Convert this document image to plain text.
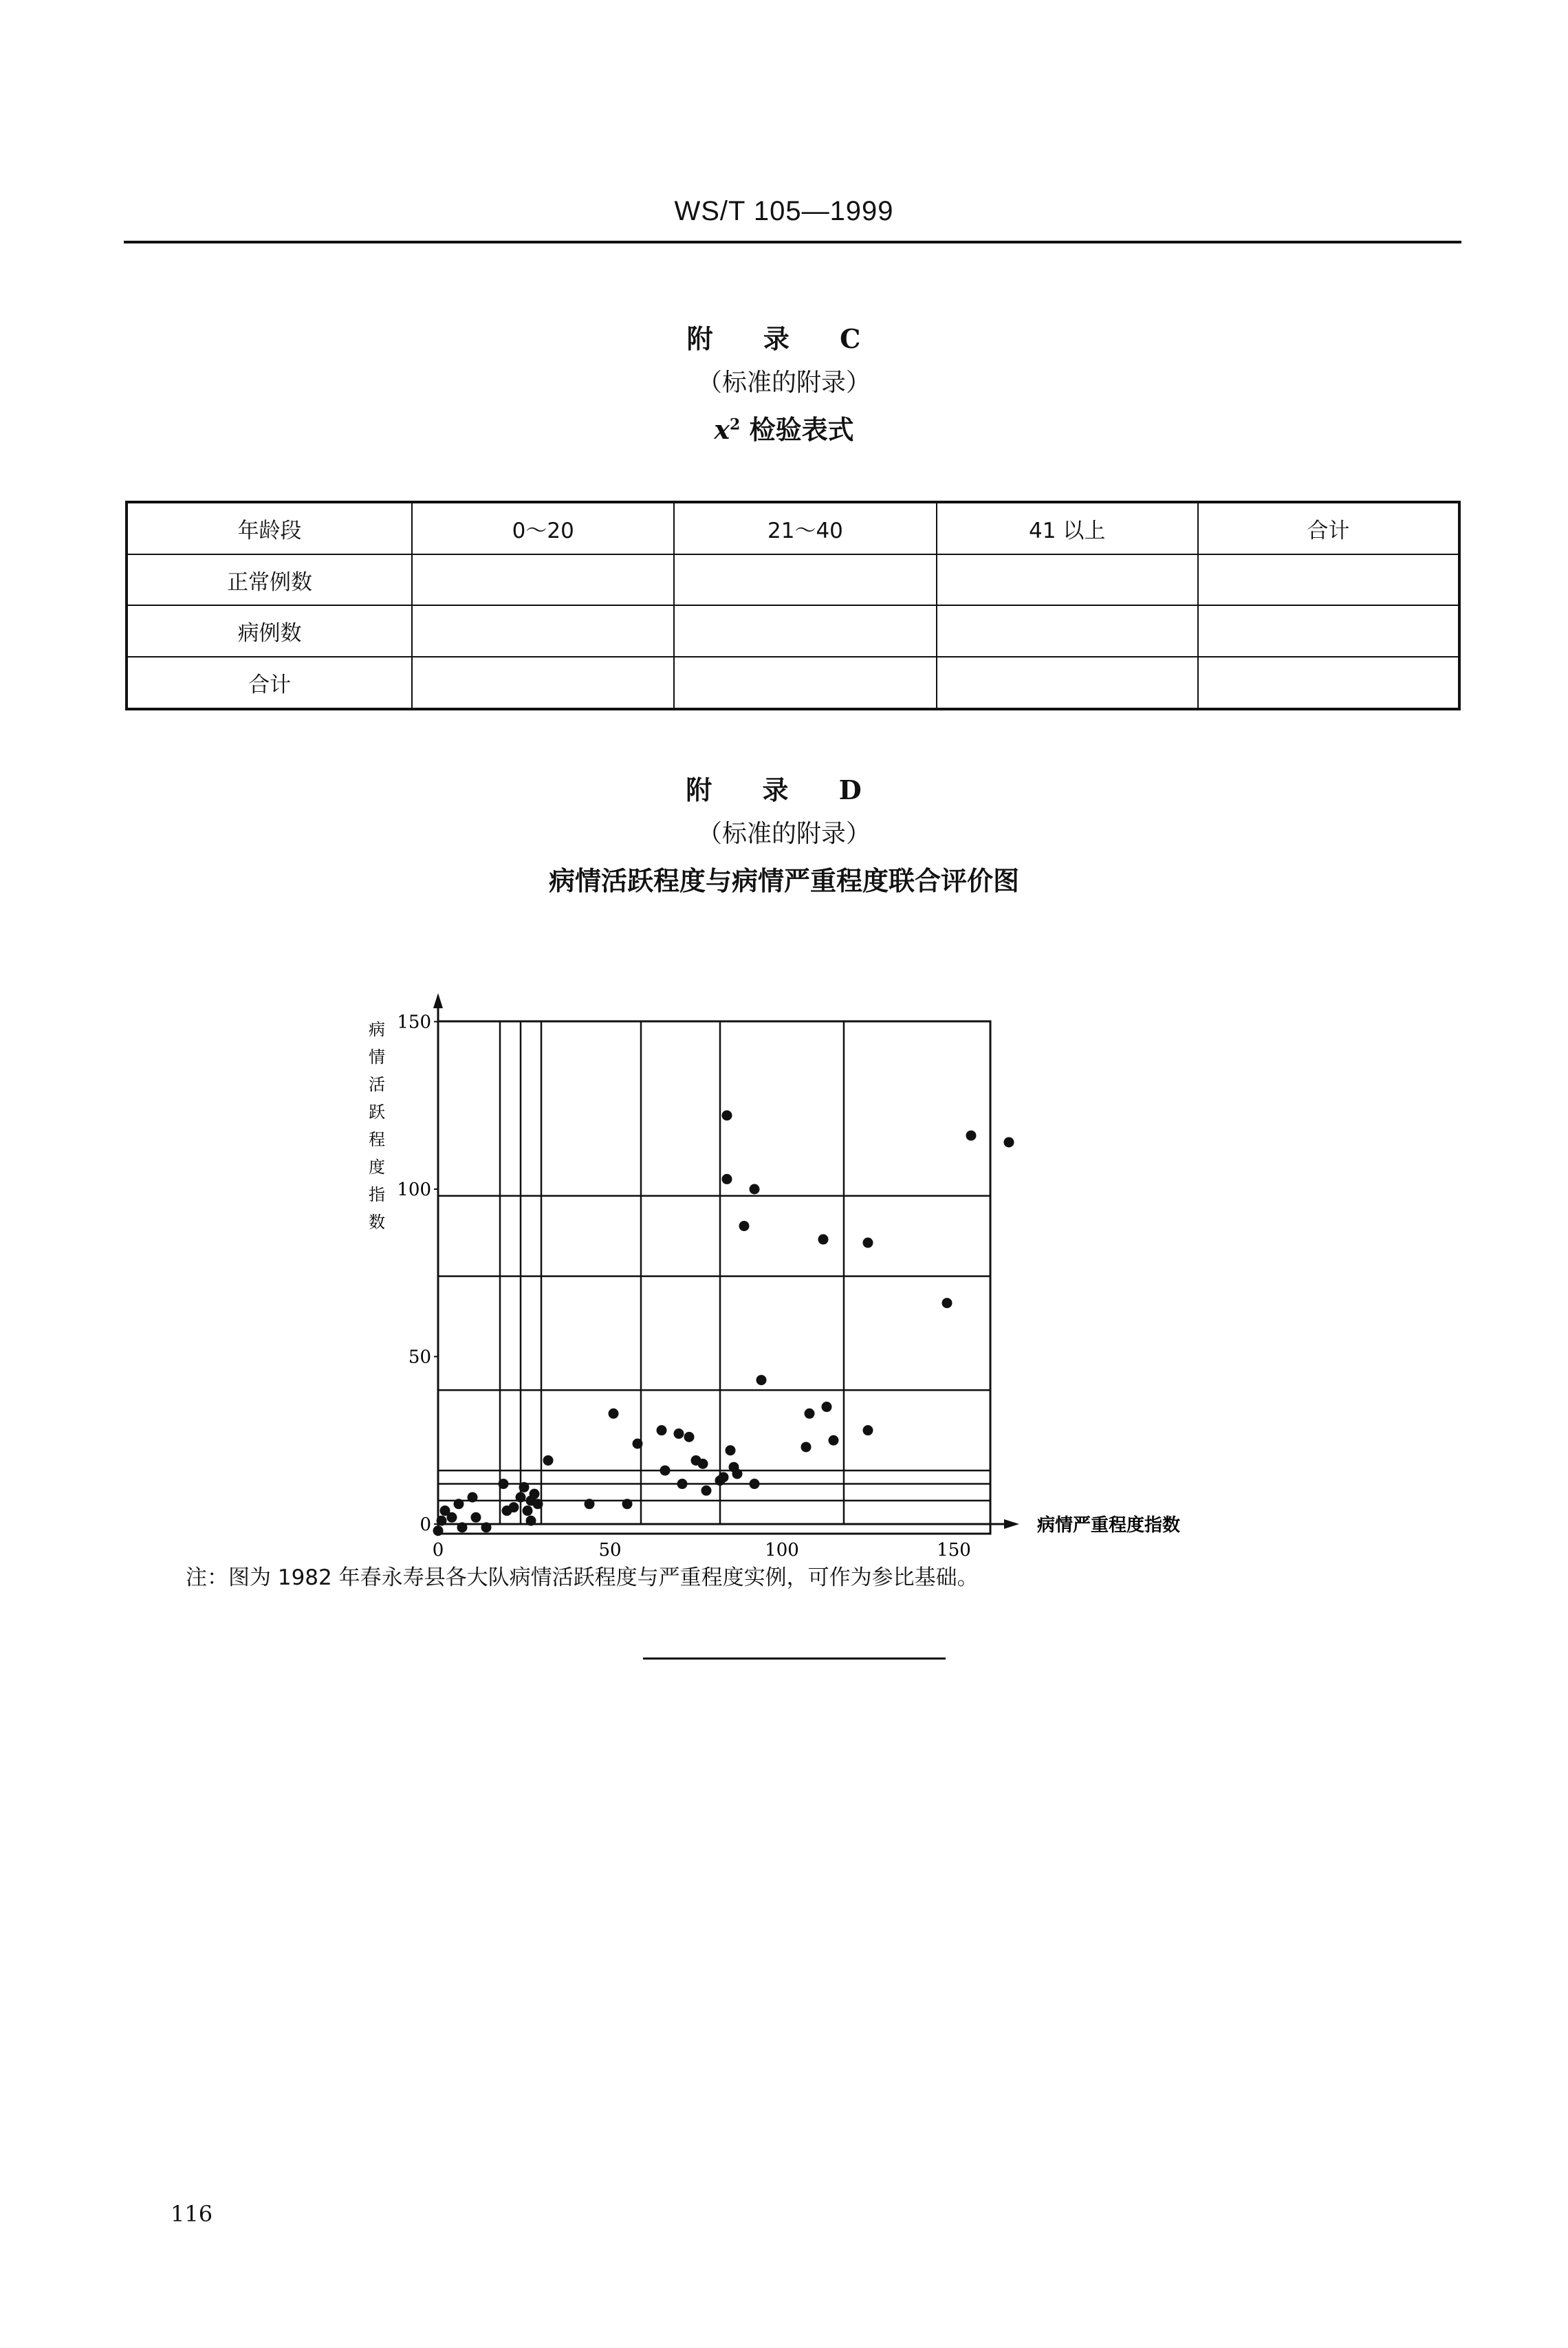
WS/T 105—1999
附 录 C
（标准的附录）
$x^2$ 检验表式
年龄段	0～20	21～40	41 以上	合计
正常例数				
病例数				
合计				
附 录 D
（标准的附录）
病情活跃程度与病情严重程度联合评价图
0	50	100	150
0
50
100
150
病情严重程度指数
病情活跃程度指数
注：图为 1982 年春永寿县各大队病情活跃程度与严重程度实例，可作为参比基础。
116
